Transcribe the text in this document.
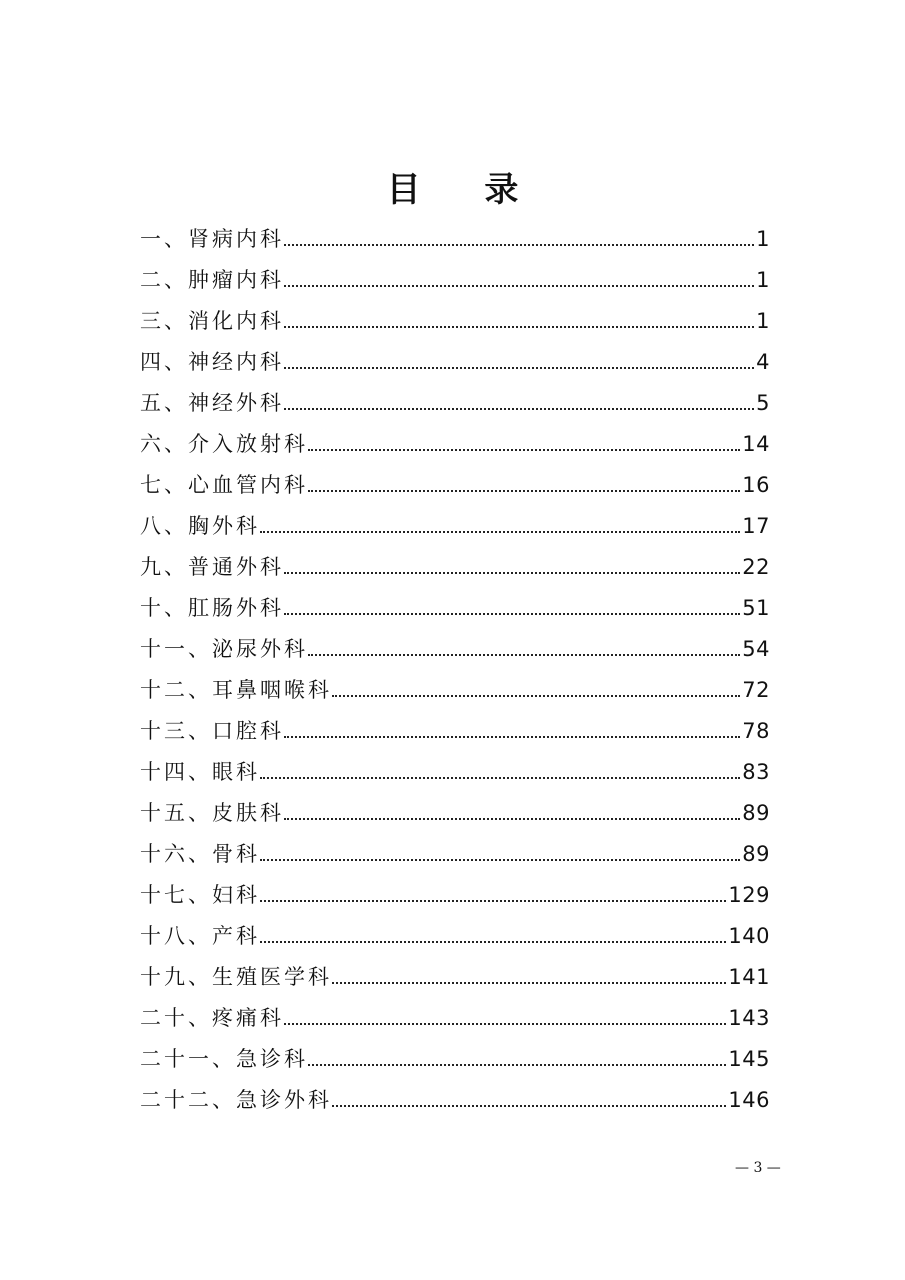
目 录
一、肾病内科	1
二、肿瘤内科	1
三、消化内科	1
四、神经内科	4
五、神经外科	5
六、介入放射科	14
七、心血管内科	16
八、胸外科	17
九、普通外科	22
十、肛肠外科	51
十一、泌尿外科	54
十二、耳鼻咽喉科	72
十三、口腔科	78
十四、眼科	83
十五、皮肤科	89
十六、骨科	89
十七、妇科	129
十八、产科	140
十九、生殖医学科	141
二十、疼痛科	143
二十一、急诊科	145
二十二、急诊外科	146
— 3 —
